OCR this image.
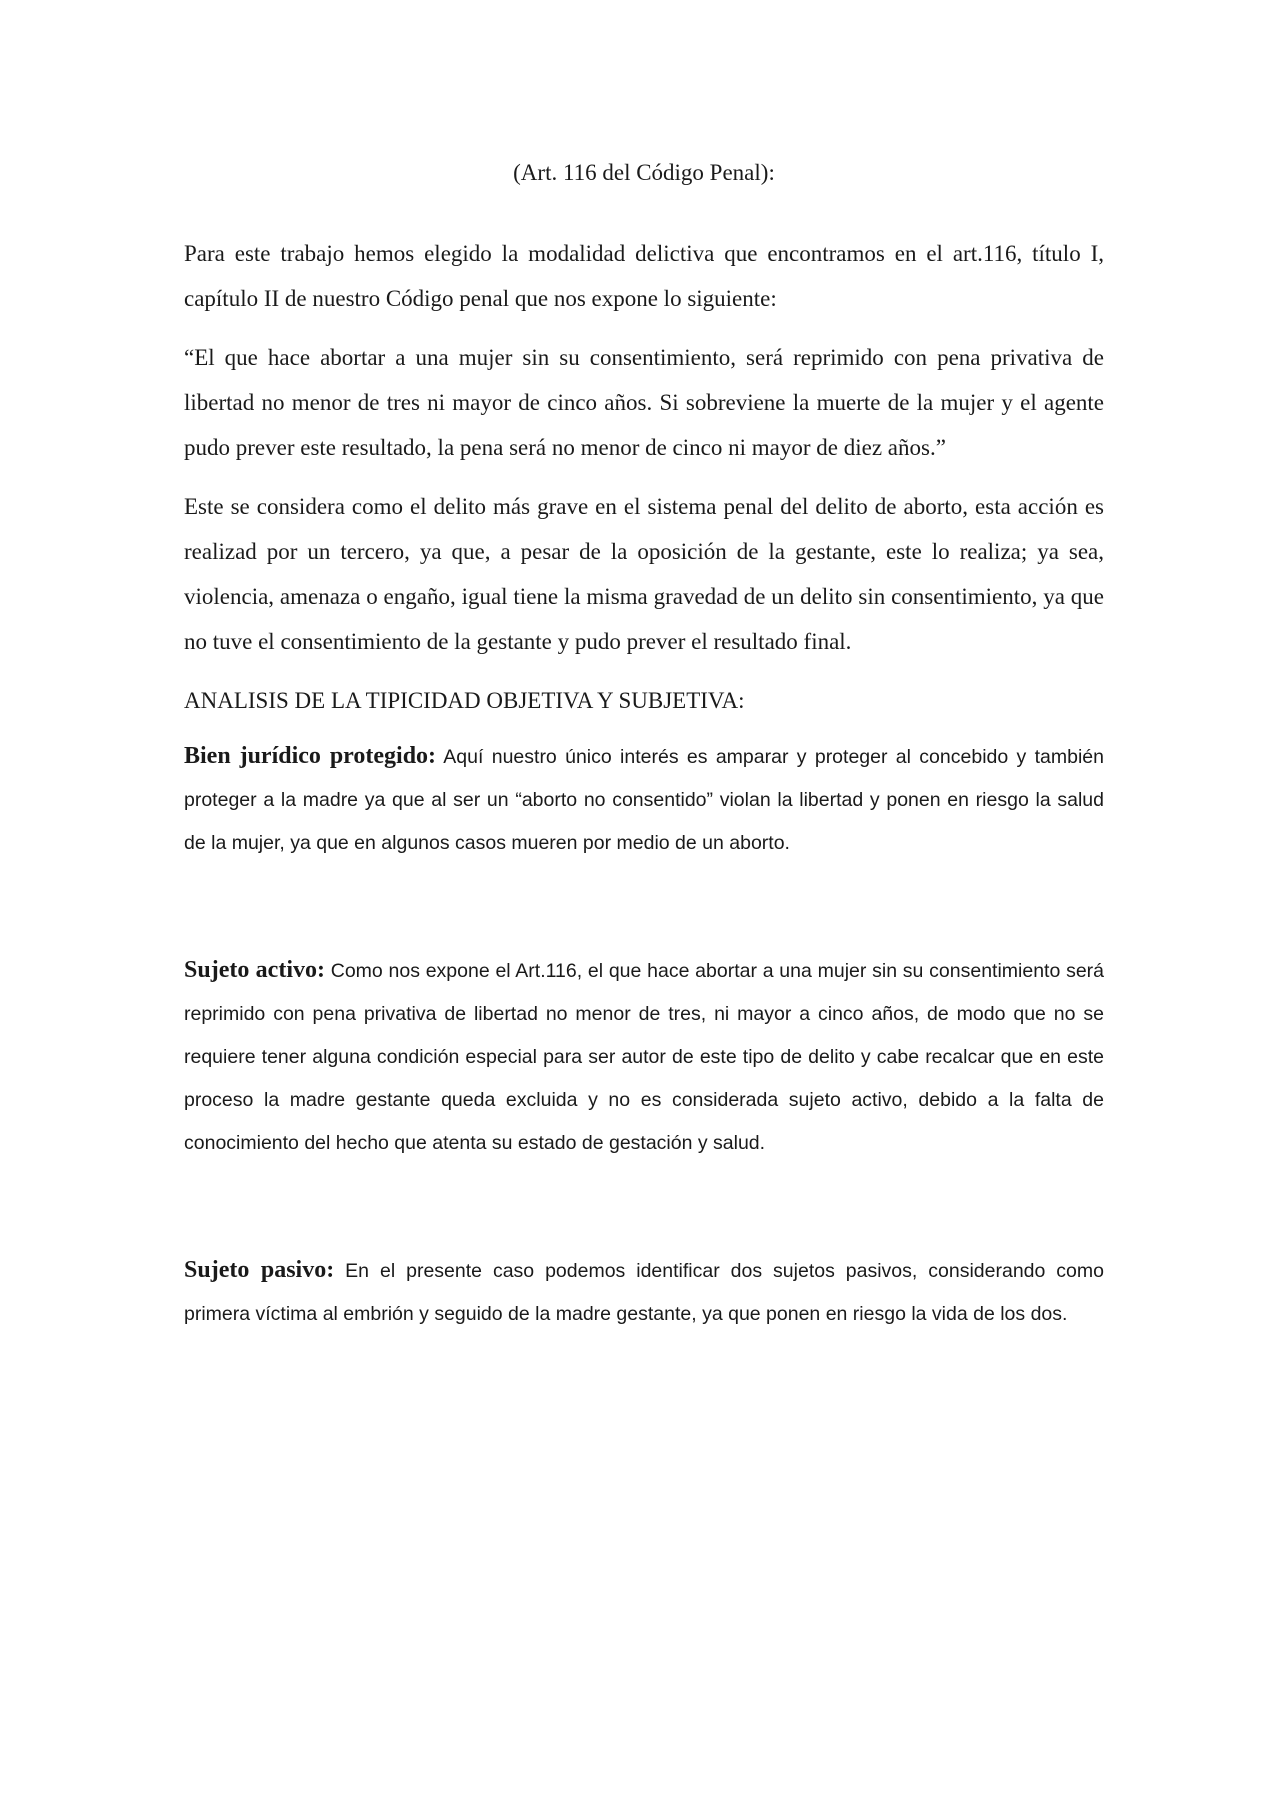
(Art. 116 del Código Penal):

Para este trabajo hemos elegido la modalidad delictiva que encontramos en el art.116, título I, capítulo II de nuestro Código penal que nos expone lo siguiente:

“El que hace abortar a una mujer sin su consentimiento, será reprimido con pena privativa de libertad no menor de tres ni mayor de cinco años. Si sobreviene la muerte de la mujer y el agente pudo prever este resultado, la pena será no menor de cinco ni mayor de diez años.”

Este se considera como el delito más grave en el sistema penal del delito de aborto, esta acción es realizad por un tercero, ya que, a pesar de la oposición de la gestante, este lo realiza; ya sea, violencia, amenaza o engaño, igual tiene la misma gravedad de un delito sin consentimiento, ya que no tuve el consentimiento de la gestante y pudo prever el resultado final.

ANALISIS DE LA TIPICIDAD OBJETIVA Y SUBJETIVA:

Bien jurídico protegido: Aquí nuestro único interés es amparar y proteger al concebido y también proteger a la madre ya que al ser un “aborto no consentido” violan la libertad y ponen en riesgo la salud de la mujer, ya que en algunos casos mueren por medio de un aborto.

Sujeto activo: Como nos expone el Art.116, el que hace abortar a una mujer sin su consentimiento será reprimido con pena privativa de libertad no menor de tres, ni mayor a cinco años, de modo que no se requiere tener alguna condición especial para ser autor de este tipo de delito y cabe recalcar que en este proceso la madre gestante queda excluida y no es considerada sujeto activo, debido a la falta de conocimiento del hecho que atenta su estado de gestación y salud.

Sujeto pasivo: En el presente caso podemos identificar dos sujetos pasivos, considerando como primera víctima al embrión y seguido de la madre gestante, ya que ponen en riesgo la vida de los dos.
